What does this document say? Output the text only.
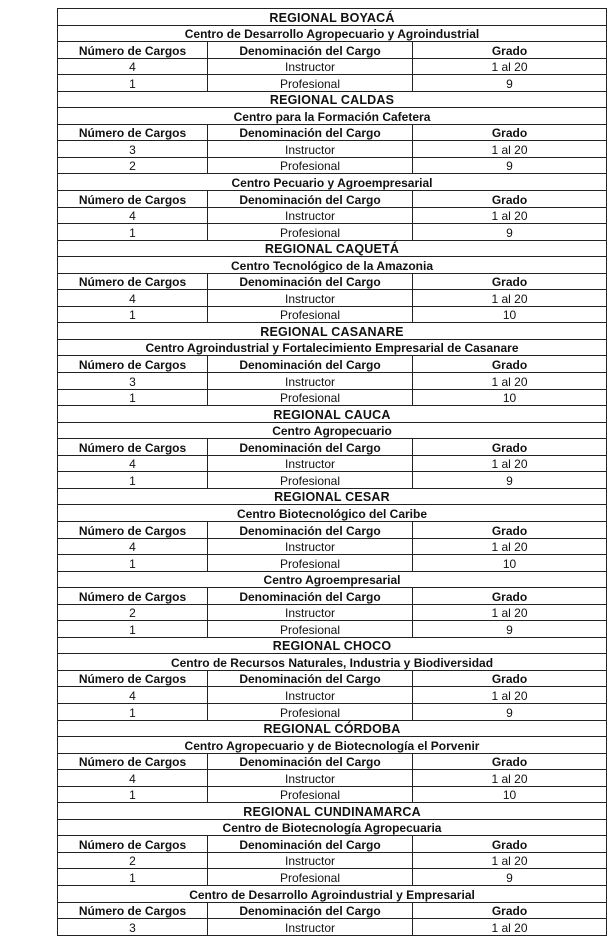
REGIONAL BOYACÁ		
Centro de Desarrollo Agropecuario y Agroindustrial		
Número de Cargos	Denominación del Cargo	Grado
4	Instructor	1 al 20
1	Profesional	9
REGIONAL CALDAS		
Centro para la Formación Cafetera		
Número de Cargos	Denominación del Cargo	Grado
3	Instructor	1 al 20
2	Profesional	9
Centro Pecuario y Agroempresarial		
Número de Cargos	Denominación del Cargo	Grado
4	Instructor	1 al 20
1	Profesional	9
REGIONAL CAQUETÁ		
Centro Tecnológico de la Amazonia		
Número de Cargos	Denominación del Cargo	Grado
4	Instructor	1 al 20
1	Profesional	10
REGIONAL CASANARE		
Centro Agroindustrial y Fortalecimiento Empresarial de Casanare		
Número de Cargos	Denominación del Cargo	Grado
3	Instructor	1 al 20
1	Profesional	10
REGIONAL CAUCA		
Centro Agropecuario		
Número de Cargos	Denominación del Cargo	Grado
4	Instructor	1 al 20
1	Profesional	9
REGIONAL CESAR		
Centro Biotecnológico del Caribe		
Número de Cargos	Denominación del Cargo	Grado
4	Instructor	1 al 20
1	Profesional	10
Centro Agroempresarial		
Número de Cargos	Denominación del Cargo	Grado
2	Instructor	1 al 20
1	Profesional	9
REGIONAL CHOCO		
Centro de Recursos Naturales, Industria y Biodiversidad		
Número de Cargos	Denominación del Cargo	Grado
4	Instructor	1 al 20
1	Profesional	9
REGIONAL CÓRDOBA		
Centro Agropecuario y de Biotecnología el Porvenir		
Número de Cargos	Denominación del Cargo	Grado
4	Instructor	1 al 20
1	Profesional	10
REGIONAL CUNDINAMARCA		
Centro de Biotecnología Agropecuaria		
Número de Cargos	Denominación del Cargo	Grado
2	Instructor	1 al 20
1	Profesional	9
Centro de Desarrollo Agroindustrial y Empresarial		
Número de Cargos	Denominación del Cargo	Grado
3	Instructor	1 al 20
